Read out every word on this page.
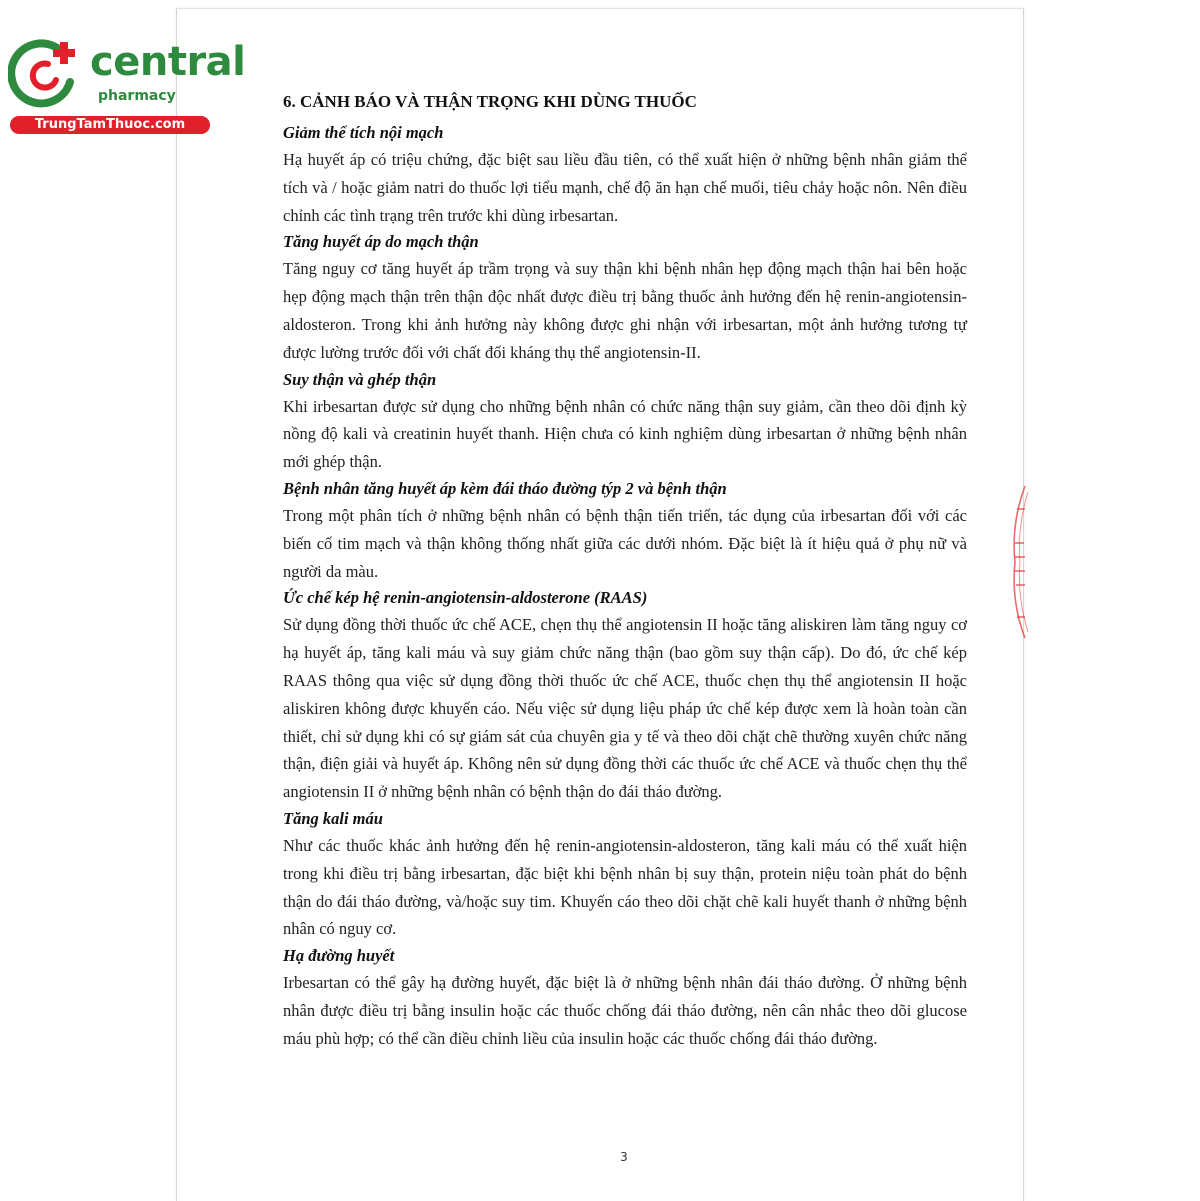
central
pharmacy
TrungTamThuoc.com
6. CẢNH BÁO VÀ THẬN TRỌNG KHI DÙNG THUỐC

Giảm thể tích nội mạch

Hạ huyết áp có triệu chứng, đặc biệt sau liều đầu tiên, có thể xuất hiện ở những bệnh nhân giảm thể tích và / hoặc giảm natri do thuốc lợi tiểu mạnh, chế độ ăn hạn chế muối, tiêu chảy hoặc nôn. Nên điều chỉnh các tình trạng trên trước khi dùng irbesartan.

Tăng huyết áp do mạch thận

Tăng nguy cơ tăng huyết áp trầm trọng và suy thận khi bệnh nhân hẹp động mạch thận hai bên hoặc hẹp động mạch thận trên thận độc nhất được điều trị bằng thuốc ảnh hưởng đến hệ renin-angiotensin-aldosteron. Trong khi ảnh hưởng này không được ghi nhận với irbesartan, một ảnh hưởng tương tự được lường trước đối với chất đối kháng thụ thể angiotensin-II.

Suy thận và ghép thận

Khi irbesartan được sử dụng cho những bệnh nhân có chức năng thận suy giảm, cần theo dõi định kỳ nồng độ kali và creatinin huyết thanh. Hiện chưa có kinh nghiệm dùng irbesartan ở những bệnh nhân mới ghép thận.

Bệnh nhân tăng huyết áp kèm đái tháo đường týp 2 và bệnh thận

Trong một phân tích ở những bệnh nhân có bệnh thận tiến triển, tác dụng của irbesartan đối với các biến cố tim mạch và thận không thống nhất giữa các dưới nhóm. Đặc biệt là ít hiệu quả ở phụ nữ và người da màu.

Ức chế kép hệ renin-angiotensin-aldosterone (RAAS)

Sử dụng đồng thời thuốc ức chế ACE, chẹn thụ thể angiotensin II hoặc tăng aliskiren làm tăng nguy cơ hạ huyết áp, tăng kali máu và suy giảm chức năng thận (bao gồm suy thận cấp). Do đó, ức chế kép RAAS thông qua việc sử dụng đồng thời thuốc ức chế ACE, thuốc chẹn thụ thể angiotensin II hoặc aliskiren không được khuyến cáo. Nếu việc sử dụng liệu pháp ức chế kép được xem là hoàn toàn cần thiết, chỉ sử dụng khi có sự giám sát của chuyên gia y tế và theo dõi chặt chẽ thường xuyên chức năng thận, điện giải và huyết áp. Không nên sử dụng đồng thời các thuốc ức chế ACE và thuốc chẹn thụ thể angiotensin II ở những bệnh nhân có bệnh thận do đái tháo đường.

Tăng kali máu

Như các thuốc khác ảnh hưởng đến hệ renin-angiotensin-aldosteron, tăng kali máu có thể xuất hiện trong khi điều trị bằng irbesartan, đặc biệt khi bệnh nhân bị suy thận, protein niệu toàn phát do bệnh thận do đái tháo đường, và/hoặc suy tim. Khuyến cáo theo dõi chặt chẽ kali huyết thanh ở những bệnh nhân có nguy cơ.

Hạ đường huyết

Irbesartan có thể gây hạ đường huyết, đặc biệt là ở những bệnh nhân đái tháo đường. Ở những bệnh nhân được điều trị bằng insulin hoặc các thuốc chống đái tháo đường, nên cân nhắc theo dõi glucose máu phù hợp; có thể cần điều chỉnh liều của insulin hoặc các thuốc chống đái tháo đường.

3
